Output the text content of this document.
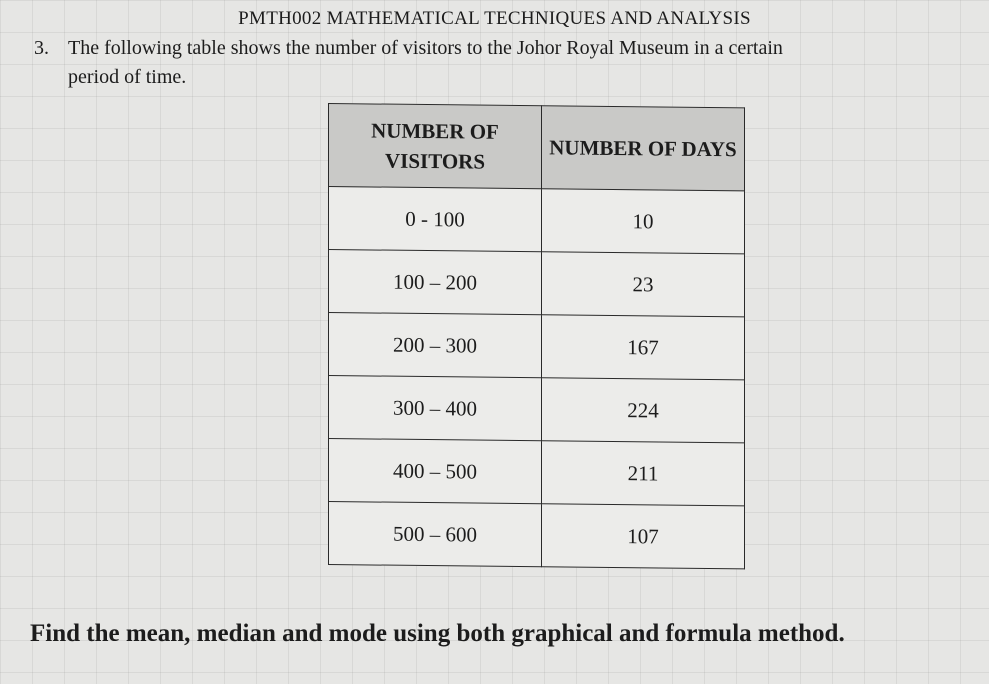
PMTH002 MATHEMATICAL TECHNIQUES AND ANALYSIS
3. The following table shows the number of visitors to the Johor Royal Museum in a certain
period of time.
NUMBER OF VISITORS	NUMBER OF DAYS
0 - 100	10
100 – 200	23
200 – 300	167
300 – 400	224
400 – 500	211
500 – 600	107
Find the mean, median and mode using both graphical and formula method.
